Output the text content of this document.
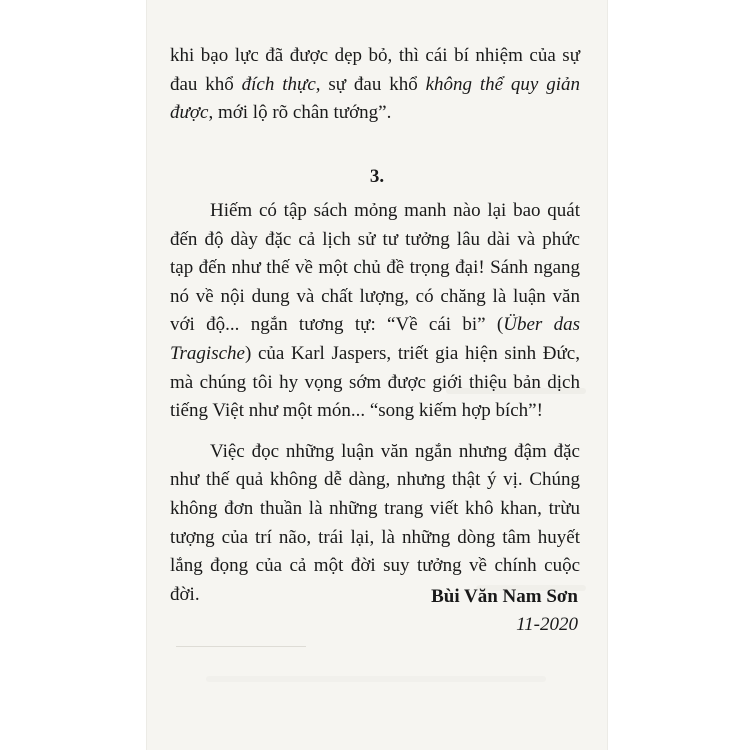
khi bạo lực đã được dẹp bỏ, thì cái bí nhiệm của sự đau khổ đích thực, sự đau khổ không thể quy giản được, mới lộ rõ chân tướng”.

3.

Hiếm có tập sách mỏng manh nào lại bao quát đến độ dày đặc cả lịch sử tư tưởng lâu dài và phức tạp đến như thế về một chủ đề trọng đại! Sánh ngang nó về nội dung và chất lượng, có chăng là luận văn với độ... ngắn tương tự: “Về cái bi” (Über das Tragische) của Karl Jaspers, triết gia hiện sinh Đức, mà chúng tôi hy vọng sớm được giới thiệu bản dịch tiếng Việt như một món... “song kiếm hợp bích”!

Việc đọc những luận văn ngắn nhưng đậm đặc như thế quả không dễ dàng, nhưng thật ý vị. Chúng không đơn thuần là những trang viết khô khan, trừu tượng của trí não, trái lại, là những dòng tâm huyết lắng đọng của cả một đời suy tưởng về chính cuộc đời.	Bùi Văn Nam Sơn
11-2020
